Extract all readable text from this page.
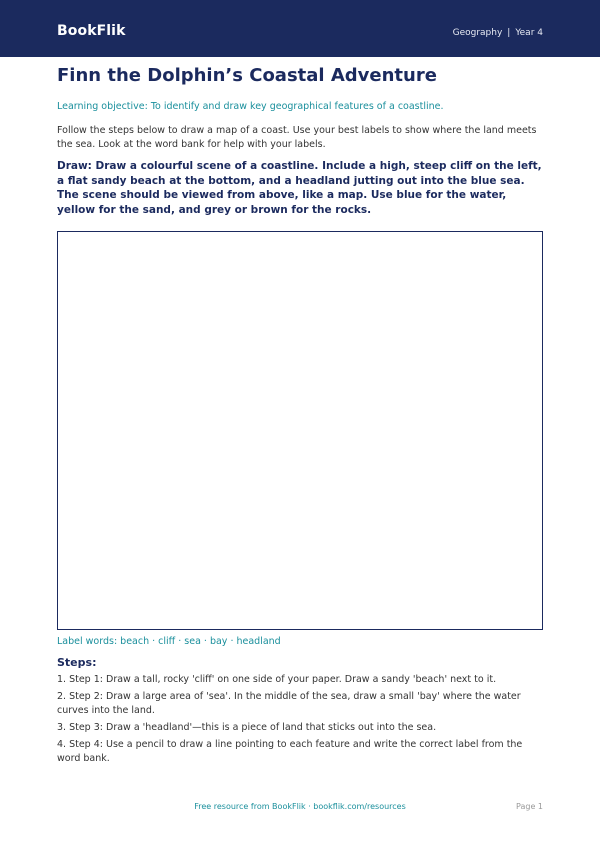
BookFlik	Geography | Year 4
Finn the Dolphin’s Coastal Adventure
Learning objective: To identify and draw key geographical features of a coastline.
Follow the steps below to draw a map of a coast. Use your best labels to show where the land meets the sea. Look at the word bank for help with your labels.
Draw: Draw a colourful scene of a coastline. Include a high, steep cliff on the left, a flat sandy beach at the bottom, and a headland jutting out into the blue sea. The scene should be viewed from above, like a map. Use blue for the water, yellow for the sand, and grey or brown for the rocks.
Label words: beach · cliff · sea · bay · headland
Steps:
1. Step 1: Draw a tall, rocky 'cliff' on one side of your paper. Draw a sandy 'beach' next to it.
2. Step 2: Draw a large area of 'sea'. In the middle of the sea, draw a small 'bay' where the water curves into the land.
3. Step 3: Draw a 'headland'—this is a piece of land that sticks out into the sea.
4. Step 4: Use a pencil to draw a line pointing to each feature and write the correct label from the word bank.
Free resource from BookFlik · bookflik.com/resources	Page 1
